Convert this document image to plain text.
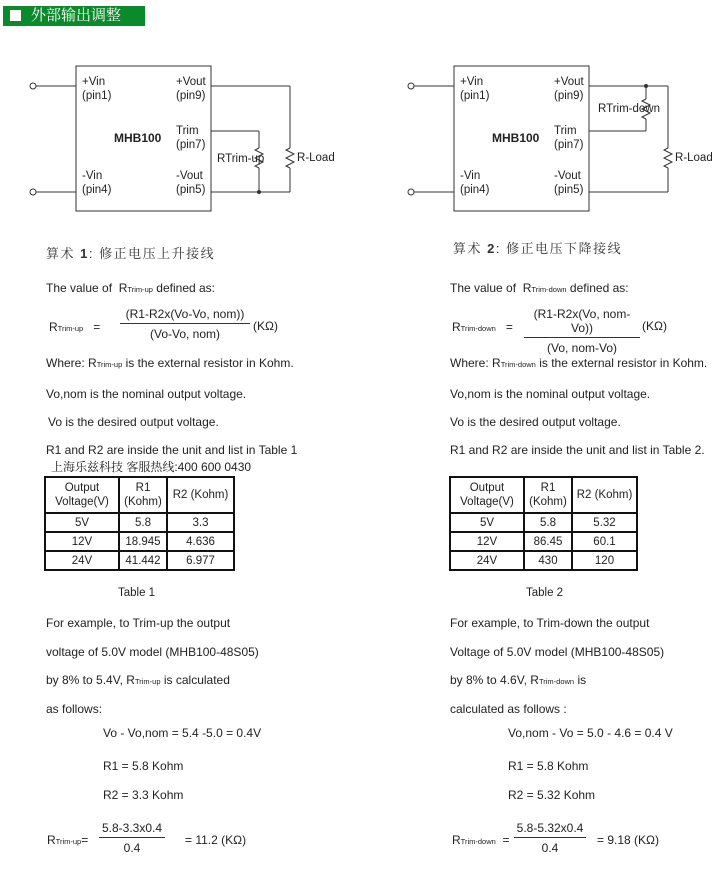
外部输出调整
+Vin
(pin1)
-Vin
(pin4)
MHB100
+Vout
(pin9)
Trim
(pin7)
-Vout
(pin5)
RTrim-up	R-Load
+Vin
(pin1)
-Vin
(pin4)
MHB100
+Vout
(pin9)
Trim
(pin7)
-Vout
(pin5)
RTrim-down
R-Load
算术 1: 修正电压上升接线
The value of RTrim-up defined as:
RTrim-up =
(R1-R2x(Vo-Vo, nom))
(Vo-Vo, nom)
(KΩ)
Where: RTrim-up is the external resistor in Kohm.
Vo,nom is the nominal output voltage.
Vo is the desired output voltage.
R1 and R2 are inside the unit and list in Table 1
上海乐兹科技 客服热线:400 600 0430
Output Voltage(V)	R1 (Kohm)	R2 (Kohm)
5V	5.8	3.3
12V	18.945	4.636
24V	41.442	6.977
Table 1
For example, to Trim-up the output
voltage of 5.0V model (MHB100-48S05)
by 8% to 5.4V, RTrim-up is calculated
as follows:
Vo - Vo,nom = 5.4 -5.0 = 0.4V
R1 = 5.8 Kohm
R2 = 3.3 Kohm
RTrim-up= $\frac{5.8-3.3x0.4}{0.4} = 11.2$ (KΩ)
算术 2: 修正电压下降接线
The value of RTrim-down defined as:
RTrim-down =
(R1-R2x(Vo, nom-Vo))
(Vo, nom-Vo)
(KΩ)
Where: RTrim-down is the external resistor in Kohm.
Vo,nom is the nominal output voltage.
Vo is the desired output voltage.
R1 and R2 are inside the unit and list in Table 2.
Output Voltage(V)	R1 (Kohm)	R2 (Kohm)
5V	5.8	5.32
12V	86.45	60.1
24V	430	120
Table 2
For example, to Trim-down the output
Voltage of 5.0V model (MHB100-48S05)
by 8% to 4.6V, RTrim-down is
calculated as follows :
Vo,nom - Vo = 5.0 - 4.6 = 0.4 V
R1 = 5.8 Kohm
R2 = 5.32 Kohm
RTrim-down = $\frac{5.8-5.32x0.4}{0.4} = 9.18$ (KΩ)
